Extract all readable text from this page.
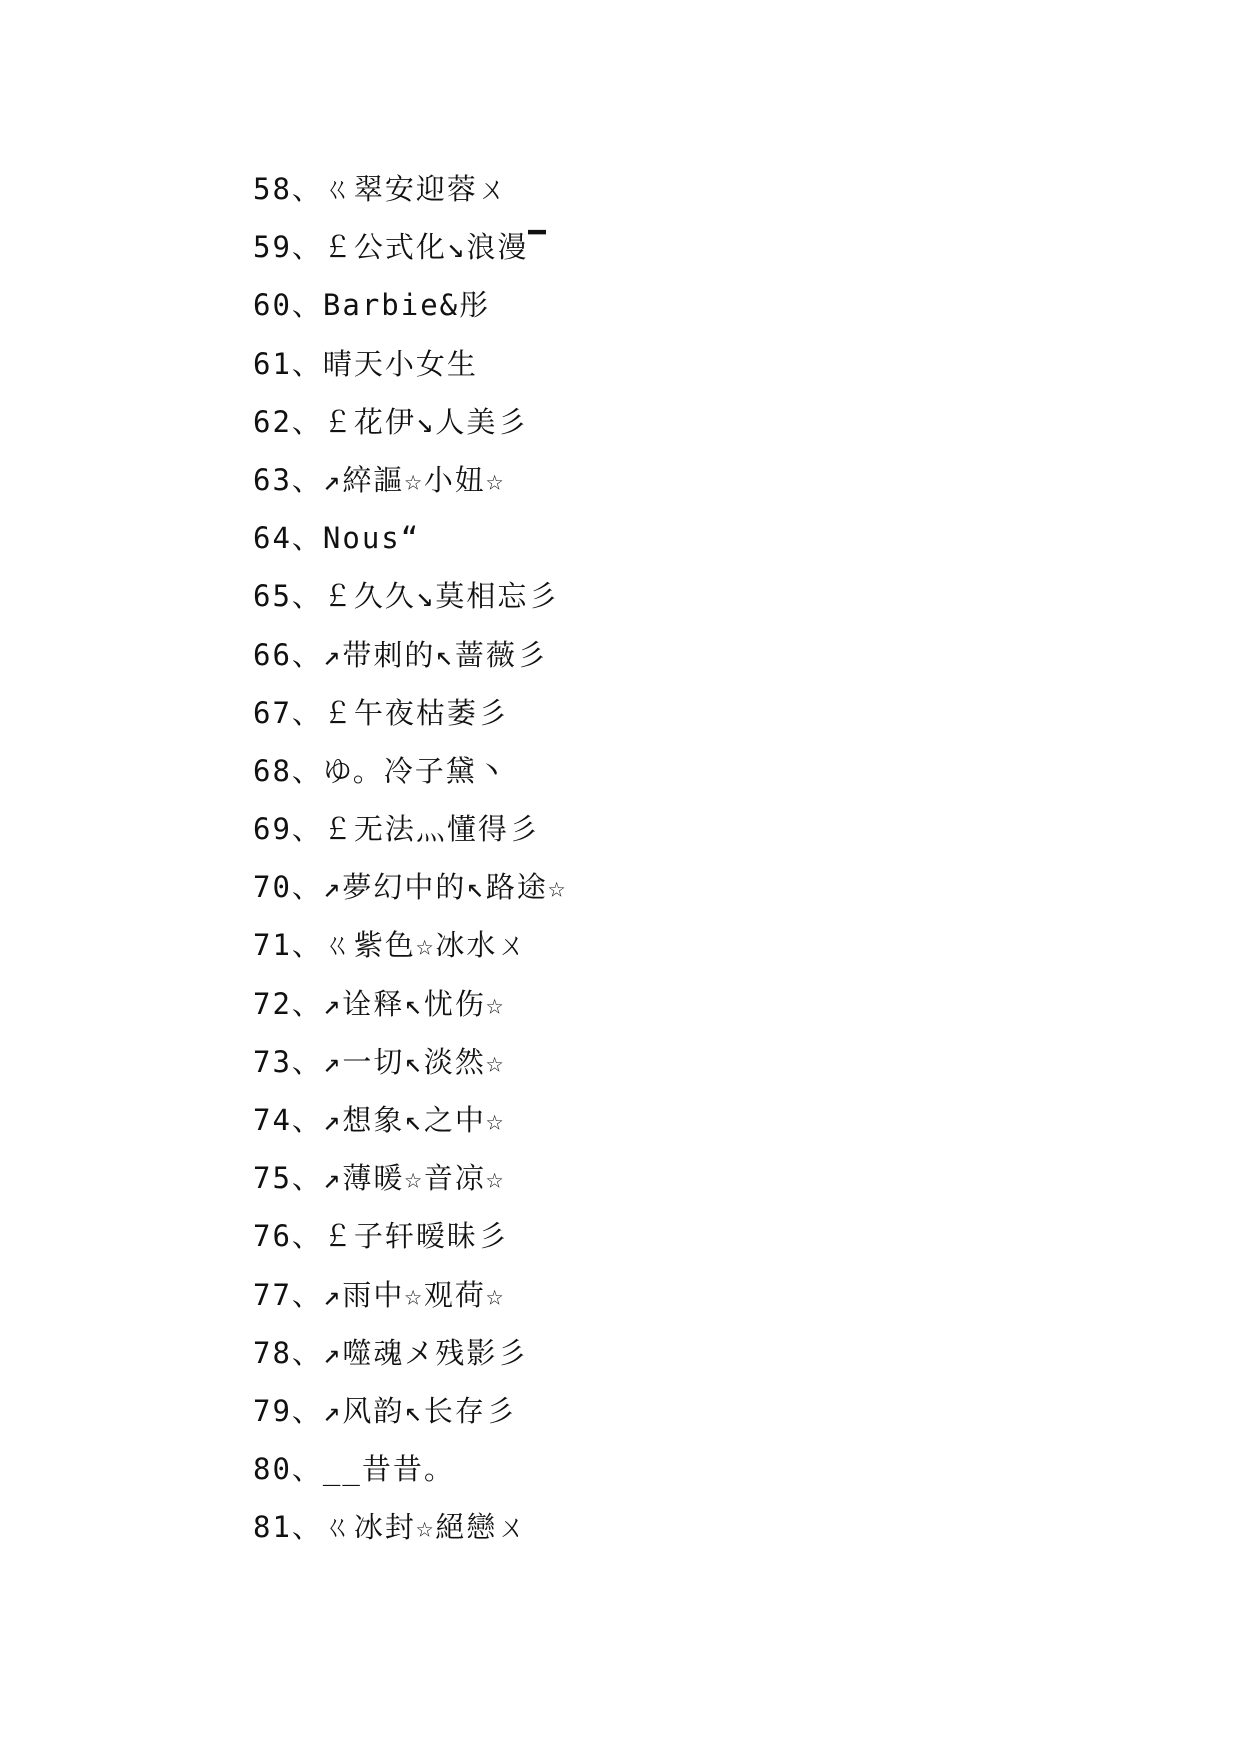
58、ㄍ翠安迎蓉ㄨ
59、￡公式化↘浪漫▔
60、Barbie&彤
61、晴天小女生
62、￡花伊↘人美彡
63、↗綷謳☆小妞☆
64、Nous“
65、￡久久↘莫相忘彡
66、↗带刺的↖蔷薇彡
67、￡午夜枯萎彡
68、ゆ。冷子黛丶
69、￡无法灬懂得彡
70、↗夢幻中的↖路途☆
71、ㄍ紫色☆冰水ㄨ
72、↗诠释↖忧伤☆
73、↗一切↖淡然☆
74、↗想象↖之中☆
75、↗薄暖☆音凉☆
76、￡子轩暧昧彡
77、↗雨中☆观荷☆
78、↗噬魂メ残影彡
79、↗风韵↖长存彡
80、__昔昔。
81、ㄍ冰封☆絕戀ㄨ
